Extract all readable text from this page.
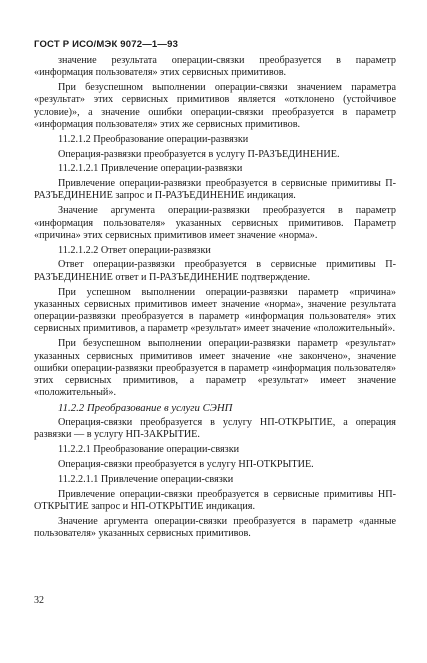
ГОСТ Р ИСО/МЭК 9072—1—93

значение результата операции-связки преобразуется в параметр «информация пользователя» этих сервисных примитивов.

При безуспешном выполнении операции-связки значением параметра «результат» этих сервисных примитивов является «отклонено (устойчивое условие)», а значение ошибки операции-связки преобразуется в параметр «информация пользователя» этих же сервисных примитивов.

11.2.1.2 Преобразование операции-развязки

Операция-развязки преобразуется в услугу П-РАЗЪЕДИНЕНИЕ.

11.2.1.2.1 Привлечение операции-развязки

Привлечение операции-развязки преобразуется в сервисные примитивы П-РАЗЪЕДИНЕНИЕ запрос и П-РАЗЪЕДИНЕНИЕ индикация.

Значение аргумента операции-развязки преобразуется в параметр «информация пользователя» указанных сервисных примитивов. Параметр «причина» этих сервисных примитивов имеет значение «норма».

11.2.1.2.2 Ответ операции-развязки

Ответ операции-развязки преобразуется в сервисные примитивы П-РАЗЪЕДИНЕНИЕ ответ и П-РАЗЪЕДИНЕНИЕ подтверждение.

При успешном выполнении операции-развязки параметр «причина» указанных сервисных примитивов имеет значение «норма», значение результата операции-развязки преобразуется в параметр «информация пользователя» этих сервисных примитивов, а параметр «результат» имеет значение «положительный».

При безуспешном выполнении операции-развязки параметр «результат» указанных сервисных примитивов имеет значение «не закончено», значение ошибки операции-развязки преобразуется в параметр «информация пользователя» этих сервисных примитивов, а параметр «результат» имеет значение «положительный».

11.2.2 Преобразование в услуги СЭНП

Операция-связки преобразуется в услугу НП-ОТКРЫТИЕ, а операция развязки — в услугу НП-ЗАКРЫТИЕ.

11.2.2.1 Преобразование операции-связки

Операция-связки преобразуется в услугу НП-ОТКРЫТИЕ.

11.2.2.1.1 Привлечение операции-связки

Привлечение операции-связки преобразуется в сервисные примитивы НП-ОТКРЫТИЕ запрос и НП-ОТКРЫТИЕ индикация.

Значение аргумента операции-связки преобразуется в параметр «данные пользователя» указанных сервисных примитивов.

32
